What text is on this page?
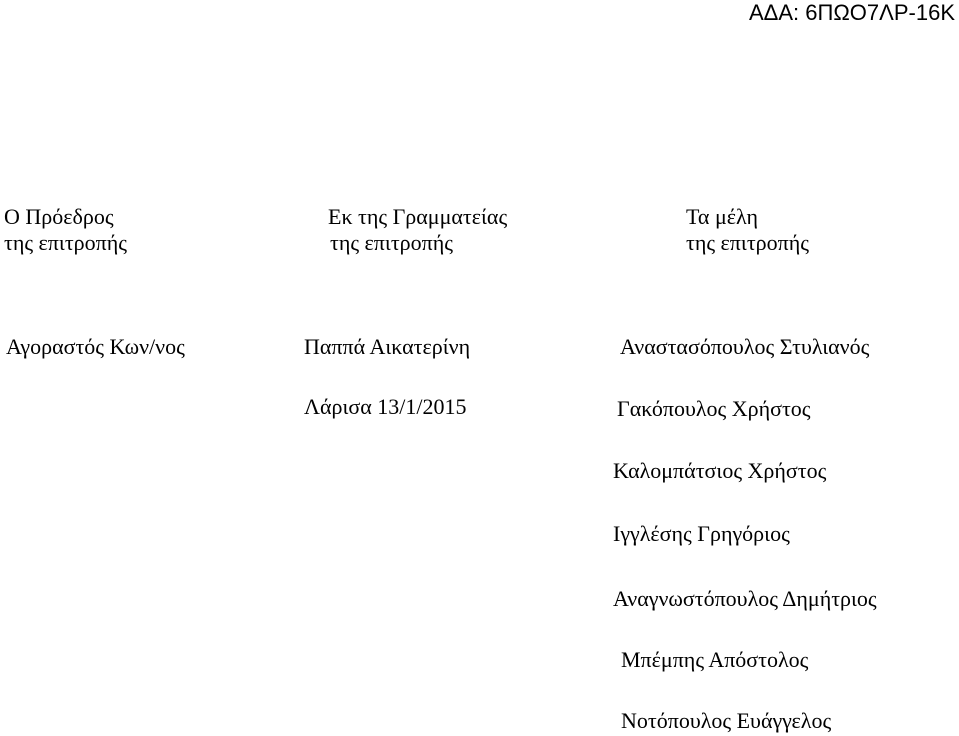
ΑΔΑ: 6ΠΩΟ7ΛΡ-16Κ
Ο Πρόεδρος
της επιτροπής
Εκ της Γραμματείας
της επιτροπής
Τα μέλη
της επιτροπής
Αγοραστός Κων/νος	Παππά Αικατερίνη
Λάρισα 13/1/2015
Αναστασόπουλος Στυλιανός
Γακόπουλος Χρήστος
Καλομπάτσιος Χρήστος
Ιγγλέσης Γρηγόριος
Αναγνωστόπουλος Δημήτριος
Μπέμπης Απόστολος
Νοτόπουλος Ευάγγελος
